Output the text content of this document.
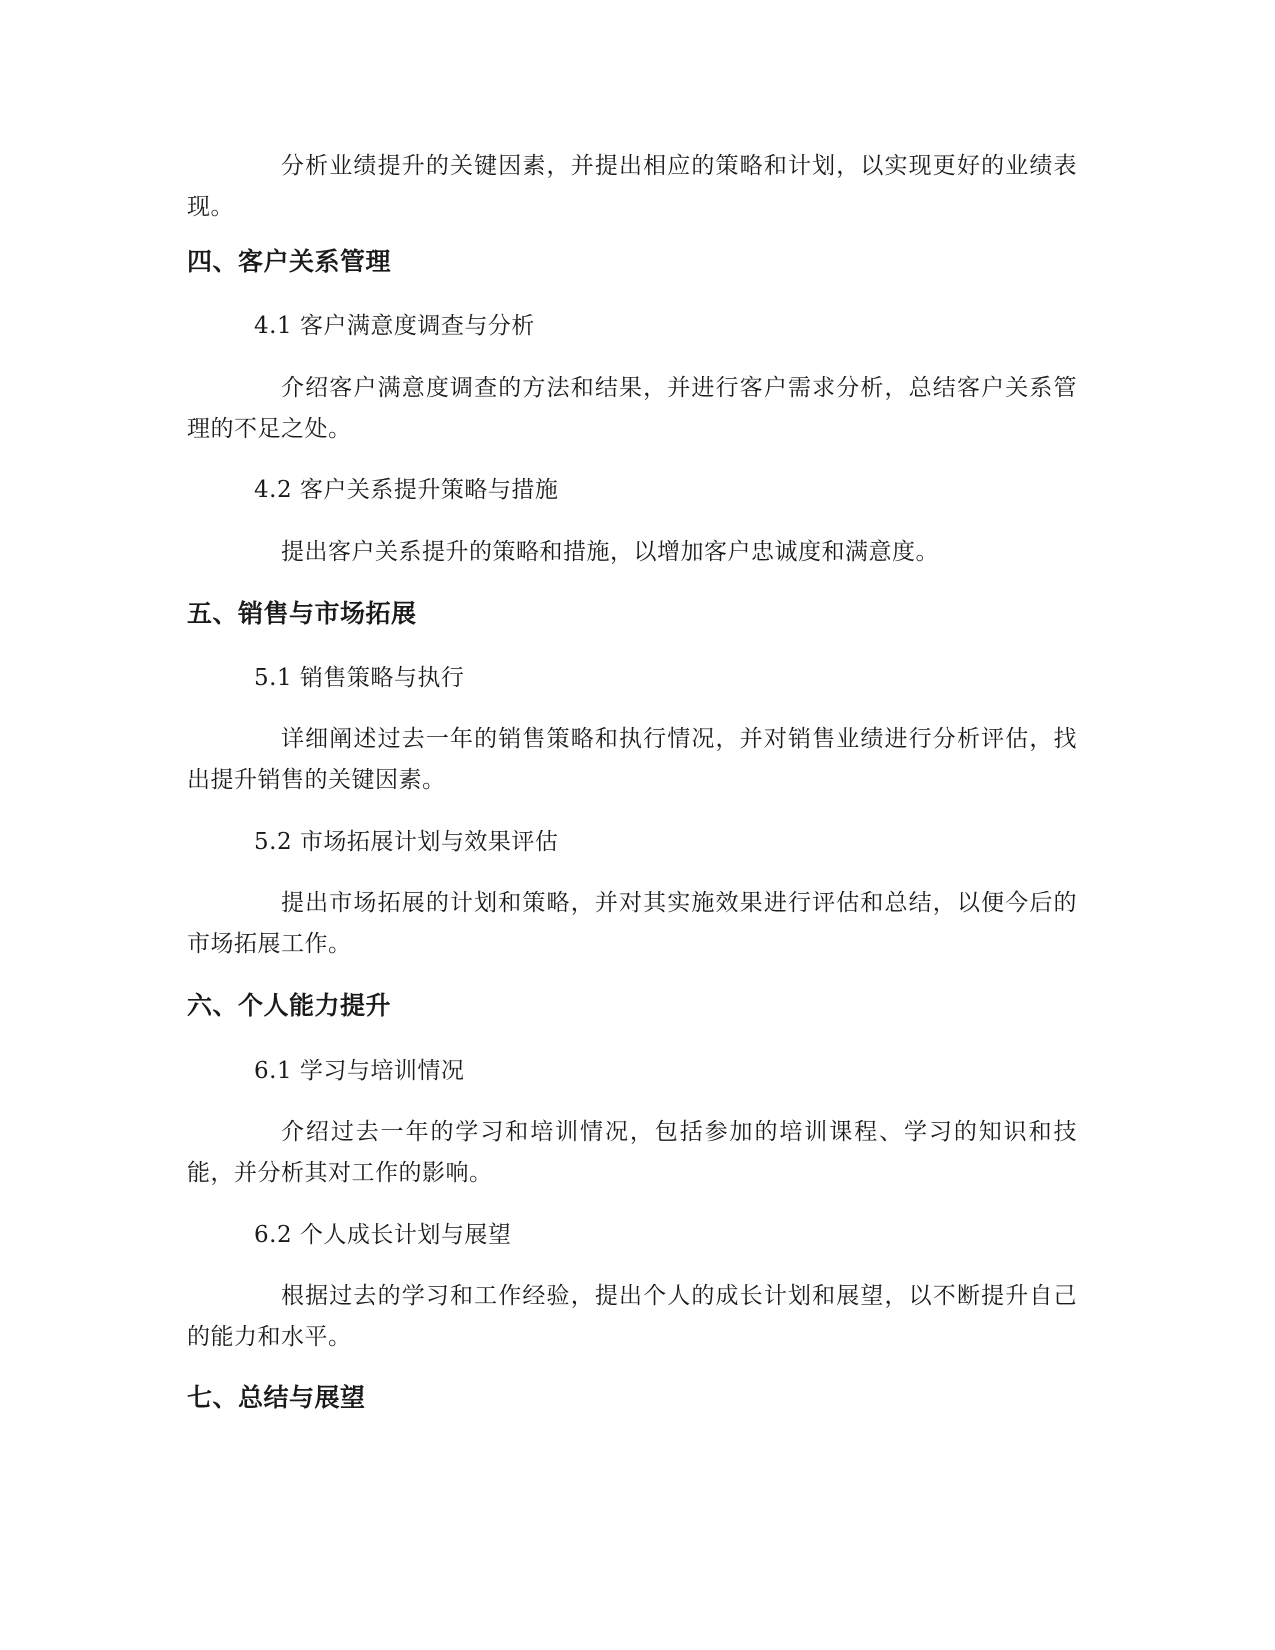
分析业绩提升的关键因素，并提出相应的策略和计划，以实现更好的业绩表现。

四、客户关系管理

4.1 客户满意度调查与分析

介绍客户满意度调查的方法和结果，并进行客户需求分析，总结客户关系管理的不足之处。

4.2 客户关系提升策略与措施

提出客户关系提升的策略和措施，以增加客户忠诚度和满意度。

五、销售与市场拓展

5.1 销售策略与执行

详细阐述过去一年的销售策略和执行情况，并对销售业绩进行分析评估，找出提升销售的关键因素。

5.2 市场拓展计划与效果评估

提出市场拓展的计划和策略，并对其实施效果进行评估和总结，以便今后的市场拓展工作。

六、个人能力提升

6.1 学习与培训情况

介绍过去一年的学习和培训情况，包括参加的培训课程、学习的知识和技能，并分析其对工作的影响。

6.2 个人成长计划与展望

根据过去的学习和工作经验，提出个人的成长计划和展望，以不断提升自己的能力和水平。

七、总结与展望
